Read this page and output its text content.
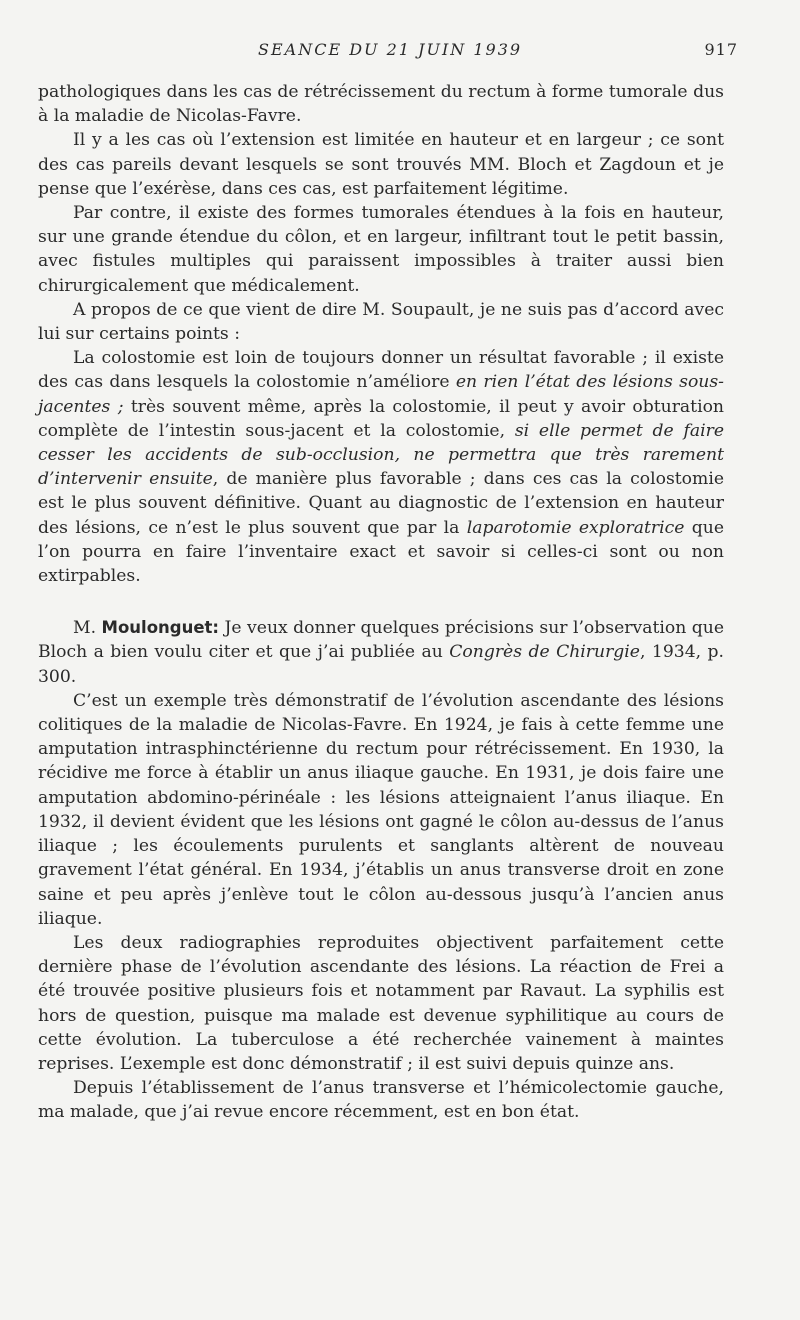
SEANCE DU 21 JUIN 1939	917

pathologiques dans les cas de rétrécissement du rectum à forme tumorale dus à la maladie de Nicolas-Favre.

Il y a les cas où l’extension est limitée en hauteur et en largeur ; ce sont des cas pareils devant lesquels se sont trouvés MM. Bloch et Zagdoun et je pense que l’exérèse, dans ces cas, est parfaitement légitime.

Par contre, il existe des formes tumorales étendues à la fois en hauteur, sur une grande étendue du côlon, et en largeur, infiltrant tout le petit bassin, avec fistules multiples qui paraissent impossibles à traiter aussi bien chirurgicalement que médicalement.

A propos de ce que vient de dire M. Soupault, je ne suis pas d’accord avec lui sur certains points :

La colostomie est loin de toujours donner un résultat favorable ; il existe des cas dans lesquels la colostomie n’améliore en rien l’état des lésions sous-jacentes ; très souvent même, après la colostomie, il peut y avoir obturation complète de l’intestin sous-jacent et la colostomie, si elle permet de faire cesser les accidents de sub-occlusion, ne permettra que très rarement d’intervenir ensuite, de manière plus favorable ; dans ces cas la colostomie est le plus souvent définitive. Quant au diagnostic de l’extension en hauteur des lésions, ce n’est le plus souvent que par la laparotomie exploratrice que l’on pourra en faire l’inventaire exact et savoir si celles-ci sont ou non extirpables.

M. Moulonguet: Je veux donner quelques précisions sur l’observation que Bloch a bien voulu citer et que j’ai publiée au Congrès de Chirurgie, 1934, p. 300.

C’est un exemple très démonstratif de l’évolution ascendante des lésions colitiques de la maladie de Nicolas-Favre. En 1924, je fais à cette femme une amputation intrasphinctérienne du rectum pour rétrécissement. En 1930, la récidive me force à établir un anus iliaque gauche. En 1931, je dois faire une amputation abdomino-périnéale : les lésions atteignaient l’anus iliaque. En 1932, il devient évident que les lésions ont gagné le côlon au-dessus de l’anus iliaque ; les écoulements purulents et sanglants altèrent de nouveau gravement l’état général. En 1934, j’établis un anus transverse droit en zone saine et peu après j’enlève tout le côlon au-dessous jusqu’à l’ancien anus iliaque.

Les deux radiographies reproduites objectivent parfaitement cette dernière phase de l’évolution ascendante des lésions. La réaction de Frei a été trouvée positive plusieurs fois et notamment par Ravaut. La syphilis est hors de question, puisque ma malade est devenue syphilitique au cours de cette évolution. La tuberculose a été recherchée vainement à maintes reprises. L’exemple est donc démonstratif ; il est suivi depuis quinze ans.

Depuis l’établissement de l’anus transverse et l’hémicolectomie gauche, ma malade, que j’ai revue encore récemment, est en bon état.
